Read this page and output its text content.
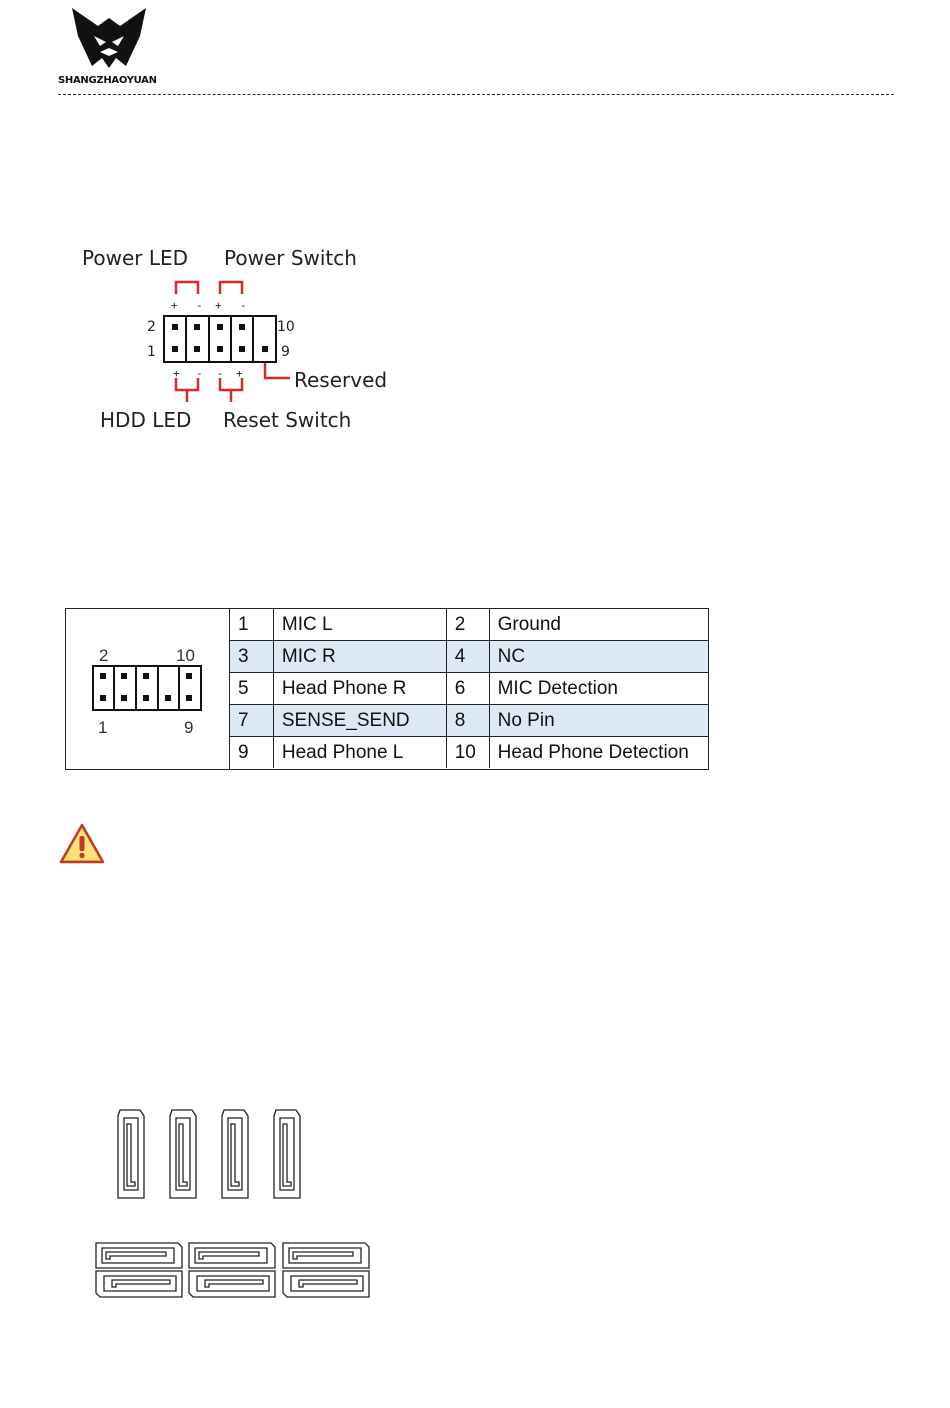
SHANGZHAOYUAN
Power LED Power Switch
HDD LED Reset Switch
Reserved
2
1
10
9
+ - + -
+ - - +
2	10
1	9
1	MIC L	2	Ground
3	MIC R	4	NC
5	Head Phone R	6	MIC Detection
7	SENSE_SEND	8	No Pin
9	Head Phone L	10	Head Phone Detection
